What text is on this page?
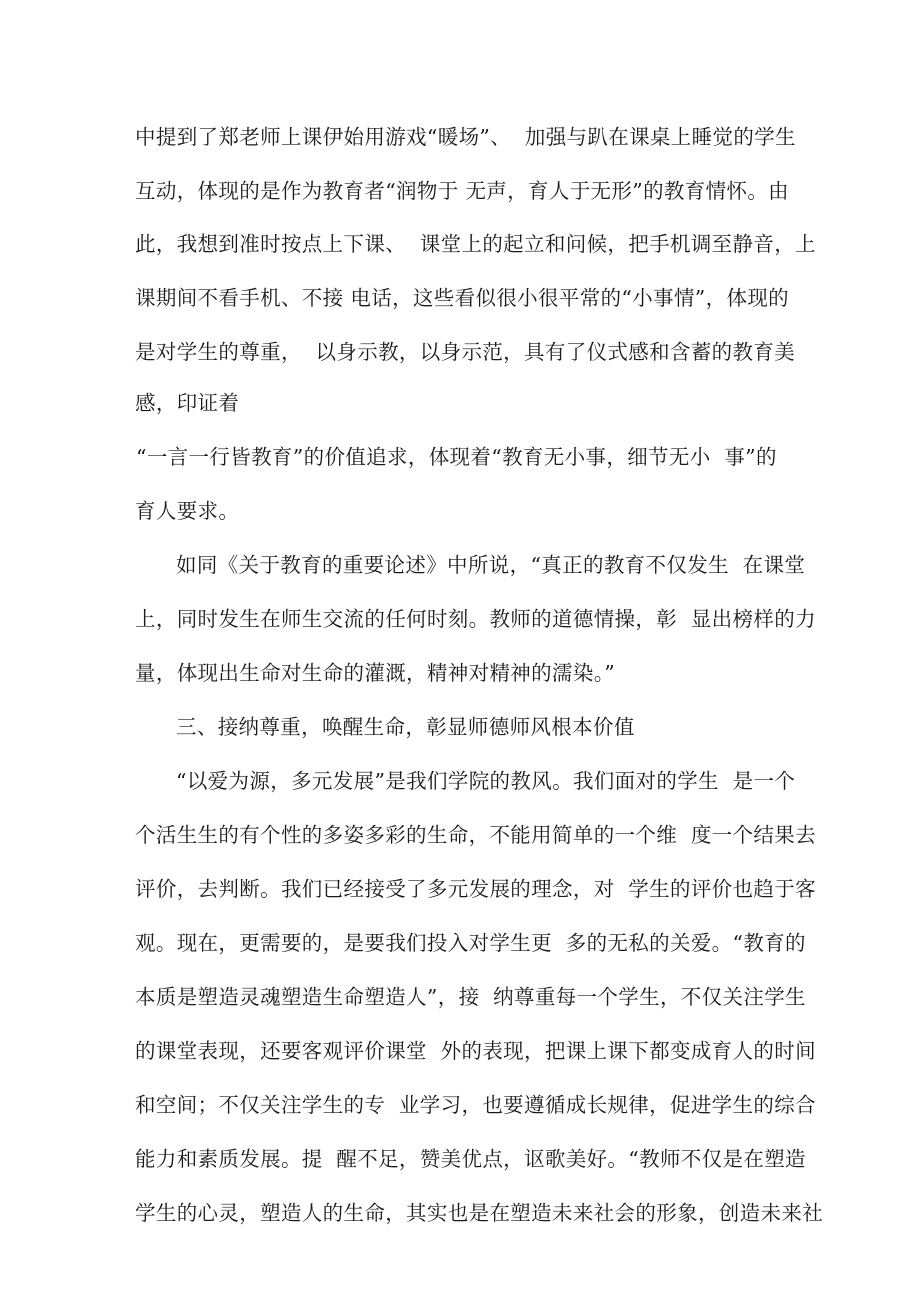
中提到了郑老师上课伊始用游戏“暖场”、  加强与趴在课桌上睡觉的学生
互动，体现的是作为教育者“润物于 无声，育人于无形”的教育情怀。由
此，我想到准时按点上下课、  课堂上的起立和问候，把手机调至静音，上
课期间不看手机、不接 电话，这些看似很小很平常的“小事情”，体现的
是对学生的尊重，  以身示教，以身示范，具有了仪式感和含蓄的教育美
感，印证着
“一言一行皆教育”的价值追求，体现着“教育无小事，细节无小  事”的
育人要求。
如同《关于教育的重要论述》中所说，“真正的教育不仅发生  在课堂
上，同时发生在师生交流的任何时刻。教师的道德情操，彰  显出榜样的力
量，体现出生命对生命的灌溉，精神对精神的濡染。”
三、接纳尊重，唤醒生命，彰显师德师风根本价值
“以爱为源，多元发展”是我们学院的教风。我们面对的学生  是一个
个活生生的有个性的多姿多彩的生命，不能用简单的一个维  度一个结果去
评价，去判断。我们已经接受了多元发展的理念，对  学生的评价也趋于客
观。现在，更需要的，是要我们投入对学生更  多的无私的关爱。“教育的
本质是塑造灵魂塑造生命塑造人”，接  纳尊重每一个学生，不仅关注学生
的课堂表现，还要客观评价课堂  外的表现，把课上课下都变成育人的时间
和空间；不仅关注学生的专  业学习，也要遵循成长规律，促进学生的综合
能力和素质发展。提  醒不足，赞美优点，讴歌美好。“教师不仅是在塑造
学生的心灵，塑造人的生命，其实也是在塑造未来社会的形象，创造未来社
